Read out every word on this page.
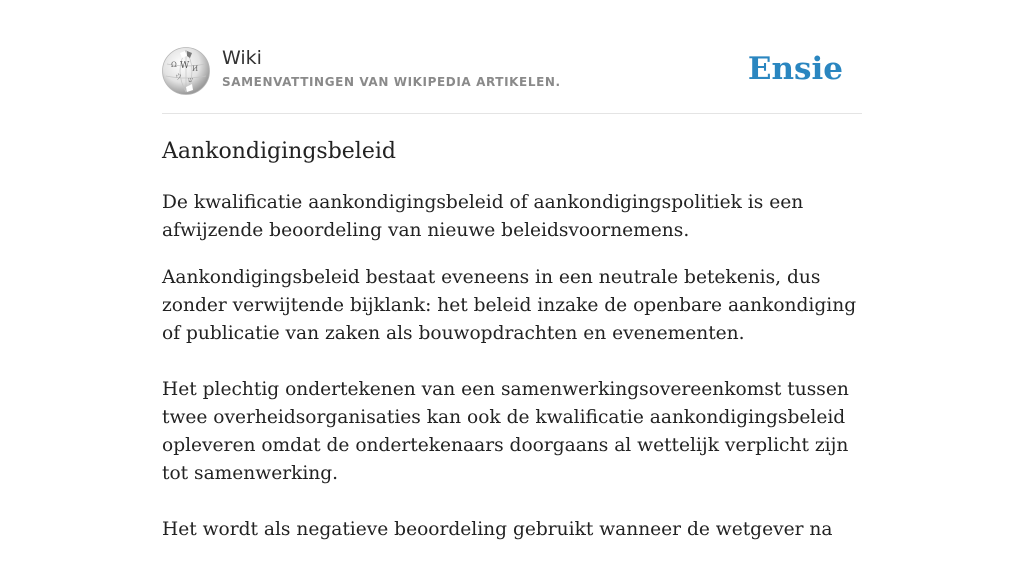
W
Ω И
ウ ש
Wiki
SAMENVATTINGEN VAN WIKIPEDIA ARTIKELEN.	Ensie
Aankondigingsbeleid

De kwalificatie aankondigingsbeleid of aankondigingspolitiek is een afwijzende beoordeling van nieuwe beleidsvoornemens.

Aankondigingsbeleid bestaat eveneens in een neutrale betekenis, dus zonder verwijtende bijklank: het beleid inzake de openbare aankondiging of publicatie van zaken als bouwopdrachten en evenementen.

Het plechtig ondertekenen van een samenwerkingsovereenkomst tussen twee overheidsorganisaties kan ook de kwalificatie aankondigingsbeleid opleveren omdat de ondertekenaars doorgaans al wettelijk verplicht zijn tot samenwerking.

Het wordt als negatieve beoordeling gebruikt wanneer de wetgever na
